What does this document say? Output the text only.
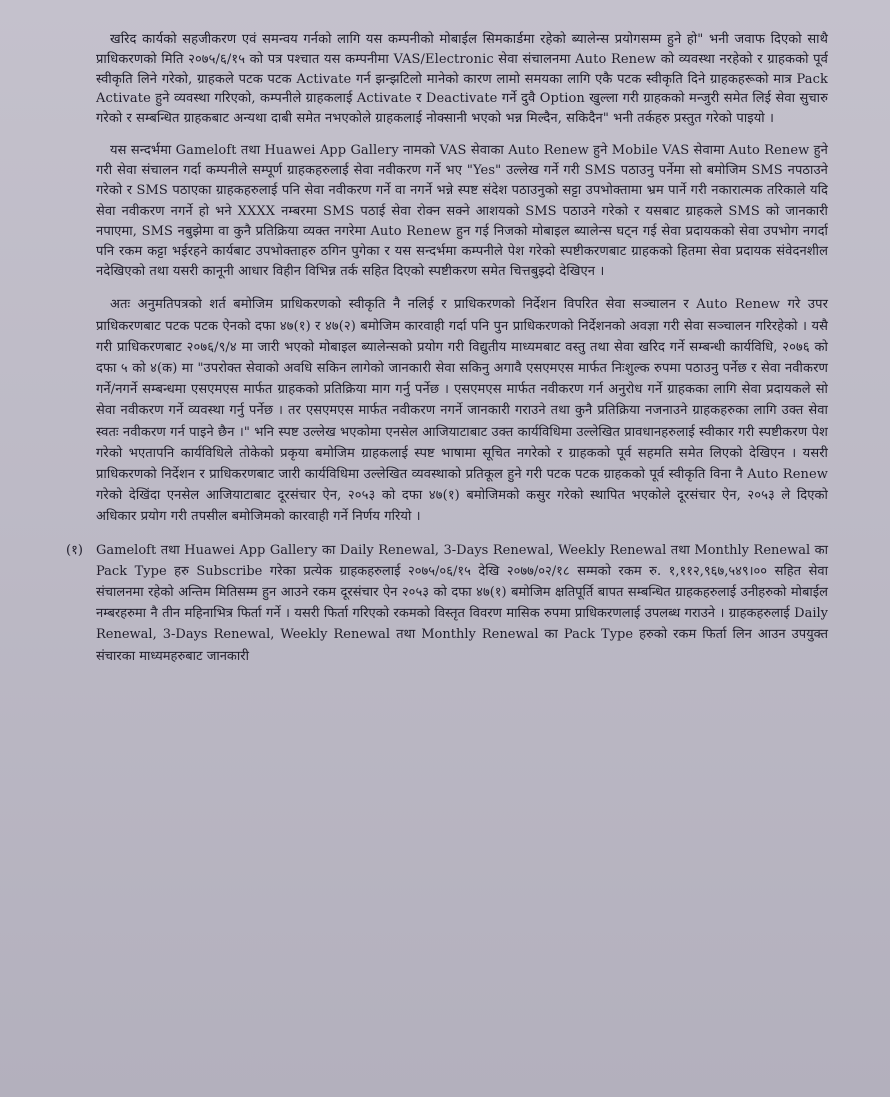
खरिद कार्यको सहजीकरण एवं समन्वय गर्नको लागि यस कम्पनीको मोबाईल सिमकार्डमा रहेको ब्यालेन्स प्रयोगसम्म हुने हो" भनी जवाफ दिएको साथै प्राधिकरणको मिति २०७५/६/१५ को पत्र पश्चात यस कम्पनीमा VAS/Electronic सेवा संचालनमा Auto Renew को व्यवस्था नरहेको र ग्राहकको पूर्व स्वीकृति लिने गरेको, ग्राहकले पटक पटक Activate गर्न झन्झटिलो मानेको कारण लामो समयका लागि एकै पटक स्वीकृति दिने ग्राहकहरूको मात्र Pack Activate हुने व्यवस्था गरिएको, कम्पनीले ग्राहकलाई Activate र Deactivate गर्ने दुवै Option खुल्ला गरी ग्राहकको मन्जुरी समेत लिई सेवा सुचारु गरेको र सम्बन्धित ग्राहकबाट अन्यथा दाबी समेत नभएकोले ग्राहकलाई नोक्सानी भएको भन्न मिल्दैन, सकिदैन" भनी तर्कहरु प्रस्तुत गरेको पाइयो ।

यस सन्दर्भमा Gameloft तथा Huawei App Gallery नामको VAS सेवाका Auto Renew हुने Mobile VAS सेवामा Auto Renew हुने गरी सेवा संचालन गर्दा कम्पनीले सम्पूर्ण ग्राहकहरुलाई सेवा नवीकरण गर्ने भए "Yes" उल्लेख गर्ने गरी SMS पठाउनु पर्नेमा सो बमोजिम SMS नपठाउने गरेको र SMS पठाएका ग्राहकहरुलाई पनि सेवा नवीकरण गर्ने वा नगर्ने भन्ने स्पष्ट संदेश पठाउनुको सट्टा उपभोक्तामा भ्रम पार्ने गरी नकारात्मक तरिकाले यदि सेवा नवीकरण नगर्ने हो भने XXXX नम्बरमा SMS पठाई सेवा रोक्न सक्ने आशयको SMS पठाउने गरेको र यसबाट ग्राहकले SMS को जानकारी नपाएमा, SMS नबुझेमा वा कुनै प्रतिक्रिया व्यक्त नगरेमा Auto Renew हुन गई निजको मोबाइल ब्यालेन्स घट्न गई सेवा प्रदायकको सेवा उपभोग नगर्दा पनि रकम कट्टा भईरहने कार्यबाट उपभोक्ताहरु ठगिन पुगेका र यस सन्दर्भमा कम्पनीले पेश गरेको स्पष्टीकरणबाट ग्राहकको हितमा सेवा प्रदायक संवेदनशील नदेखिएको तथा यसरी कानूनी आधार विहीन विभिन्न तर्क सहित दिएको स्पष्टीकरण समेत चित्तबुझ्दो देखिएन ।

अतः अनुमतिपत्रको शर्त बमोजिम प्राधिकरणको स्वीकृति नै नलिई र प्राधिकरणको निर्देशन विपरित सेवा सञ्चालन र Auto Renew गरे उपर प्राधिकरणबाट पटक पटक ऐनको दफा ४७(१) र ४७(२) बमोजिम कारवाही गर्दा पनि पुन प्राधिकरणको निर्देशनको अवज्ञा गरी सेवा सञ्चालन गरिरहेको । यसै गरी प्राधिकरणबाट २०७६/९/४ मा जारी भएको मोबाइल ब्यालेन्सको प्रयोग गरी विद्युतीय माध्यमबाट वस्तु तथा सेवा खरिद गर्ने सम्बन्धी कार्यविधि, २०७६ को दफा ५ को ४(क) मा "उपरोक्त सेवाको अवधि सकिन लागेको जानकारी सेवा सकिनु अगावै एसएमएस मार्फत निःशुल्क रुपमा पठाउनु पर्नेछ र सेवा नवीकरण गर्ने/नगर्ने सम्बन्धमा एसएमएस मार्फत ग्राहकको प्रतिक्रिया माग गर्नु पर्नेछ । एसएमएस मार्फत नवीकरण गर्न अनुरोध गर्ने ग्राहकका लागि सेवा प्रदायकले सो सेवा नवीकरण गर्ने व्यवस्था गर्नु पर्नेछ । तर एसएमएस मार्फत नवीकरण नगर्ने जानकारी गराउने तथा कुनै प्रतिक्रिया नजनाउने ग्राहकहरुका लागि उक्त सेवा स्वतः नवीकरण गर्न पाइने छैन ।" भनि स्पष्ट उल्लेख भएकोमा एनसेल आजियाटाबाट उक्त कार्यविधिमा उल्लेखित प्रावधानहरुलाई स्वीकार गरी स्पष्टीकरण पेश गरेको भएतापनि कार्यविधिले तोकेको प्रकृया बमोजिम ग्राहकलाई स्पष्ट भाषामा सूचित नगरेको र ग्राहकको पूर्व सहमति समेत लिएको देखिएन । यसरी प्राधिकरणको निर्देशन र प्राधिकरणबाट जारी कार्यविधिमा उल्लेखित व्यवस्थाको प्रतिकूल हुने गरी पटक पटक ग्राहकको पूर्व स्वीकृति विना नै Auto Renew गरेको देखिंदा एनसेल आजियाटाबाट दूरसंचार ऐन, २०५३ को दफा ४७(१) बमोजिमको कसुर गरेको स्थापित भएकोले दूरसंचार ऐन, २०५३ ले दिएको अधिकार प्रयोग गरी तपसील बमोजिमको कारवाही गर्ने निर्णय गरियो ।

(१) Gameloft तथा Huawei App Gallery का Daily Renewal, 3-Days Renewal, Weekly Renewal तथा Monthly Renewal का Pack Type हरु Subscribe गरेका प्रत्येक ग्राहकहरुलाई २०७५/०६/१५ देखि २०७७/०२/१८ सम्मको रकम रु. १,११२,९६७,५४९।०० सहित सेवा संचालनमा रहेको अन्तिम मितिसम्म हुन आउने रकम दूरसंचार ऐन २०५३ को दफा ४७(१) बमोजिम क्षतिपूर्ति बापत सम्बन्धित ग्राहकहरुलाई उनीहरुको मोबाईल नम्बरहरुमा नै तीन महिनाभित्र फिर्ता गर्ने । यसरी फिर्ता गरिएको रकमको विस्तृत विवरण मासिक रुपमा प्राधिकरणलाई उपलब्ध गराउने । ग्राहकहरुलाई Daily Renewal, 3-Days Renewal, Weekly Renewal तथा Monthly Renewal का Pack Type हरुको रकम फिर्ता लिन आउन उपयुक्त संचारका माध्यमहरुबाट जानकारी
